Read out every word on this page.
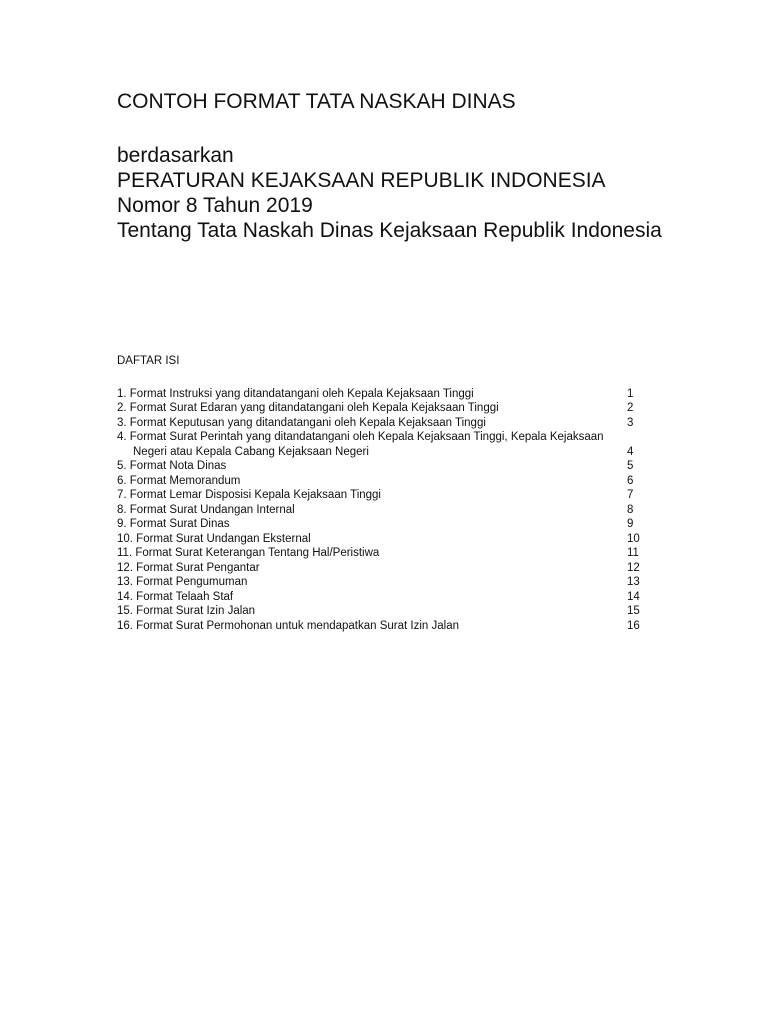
CONTOH FORMAT TATA NASKAH DINAS
berdasarkan
PERATURAN KEJAKSAAN REPUBLIK INDONESIA
Nomor 8 Tahun 2019
Tentang Tata Naskah Dinas Kejaksaan Republik Indonesia
DAFTAR ISI
1. Format Instruksi yang ditandatangani oleh Kepala Kejaksaan Tinggi	1
2. Format Surat Edaran yang ditandatangani oleh Kepala Kejaksaan Tinggi	2
3. Format Keputusan yang ditandatangani oleh Kepala Kejaksaan Tinggi	3
4. Format Surat Perintah yang ditandatangani oleh Kepala Kejaksaan Tinggi, Kepala Kejaksaan Negeri atau Kepala Cabang Kejaksaan Negeri	4
5. Format Nota Dinas	5
6. Format Memorandum	6
7. Format Lemar Disposisi Kepala Kejaksaan Tinggi	7
8. Format Surat Undangan Internal	8
9. Format Surat Dinas	9
10. Format Surat Undangan Eksternal	10
11. Format Surat Keterangan Tentang Hal/Peristiwa	11
12. Format Surat Pengantar	12
13. Format Pengumuman	13
14. Format Telaah Staf	14
15. Format Surat Izin Jalan	15
16. Format Surat Permohonan untuk mendapatkan Surat Izin Jalan	16
